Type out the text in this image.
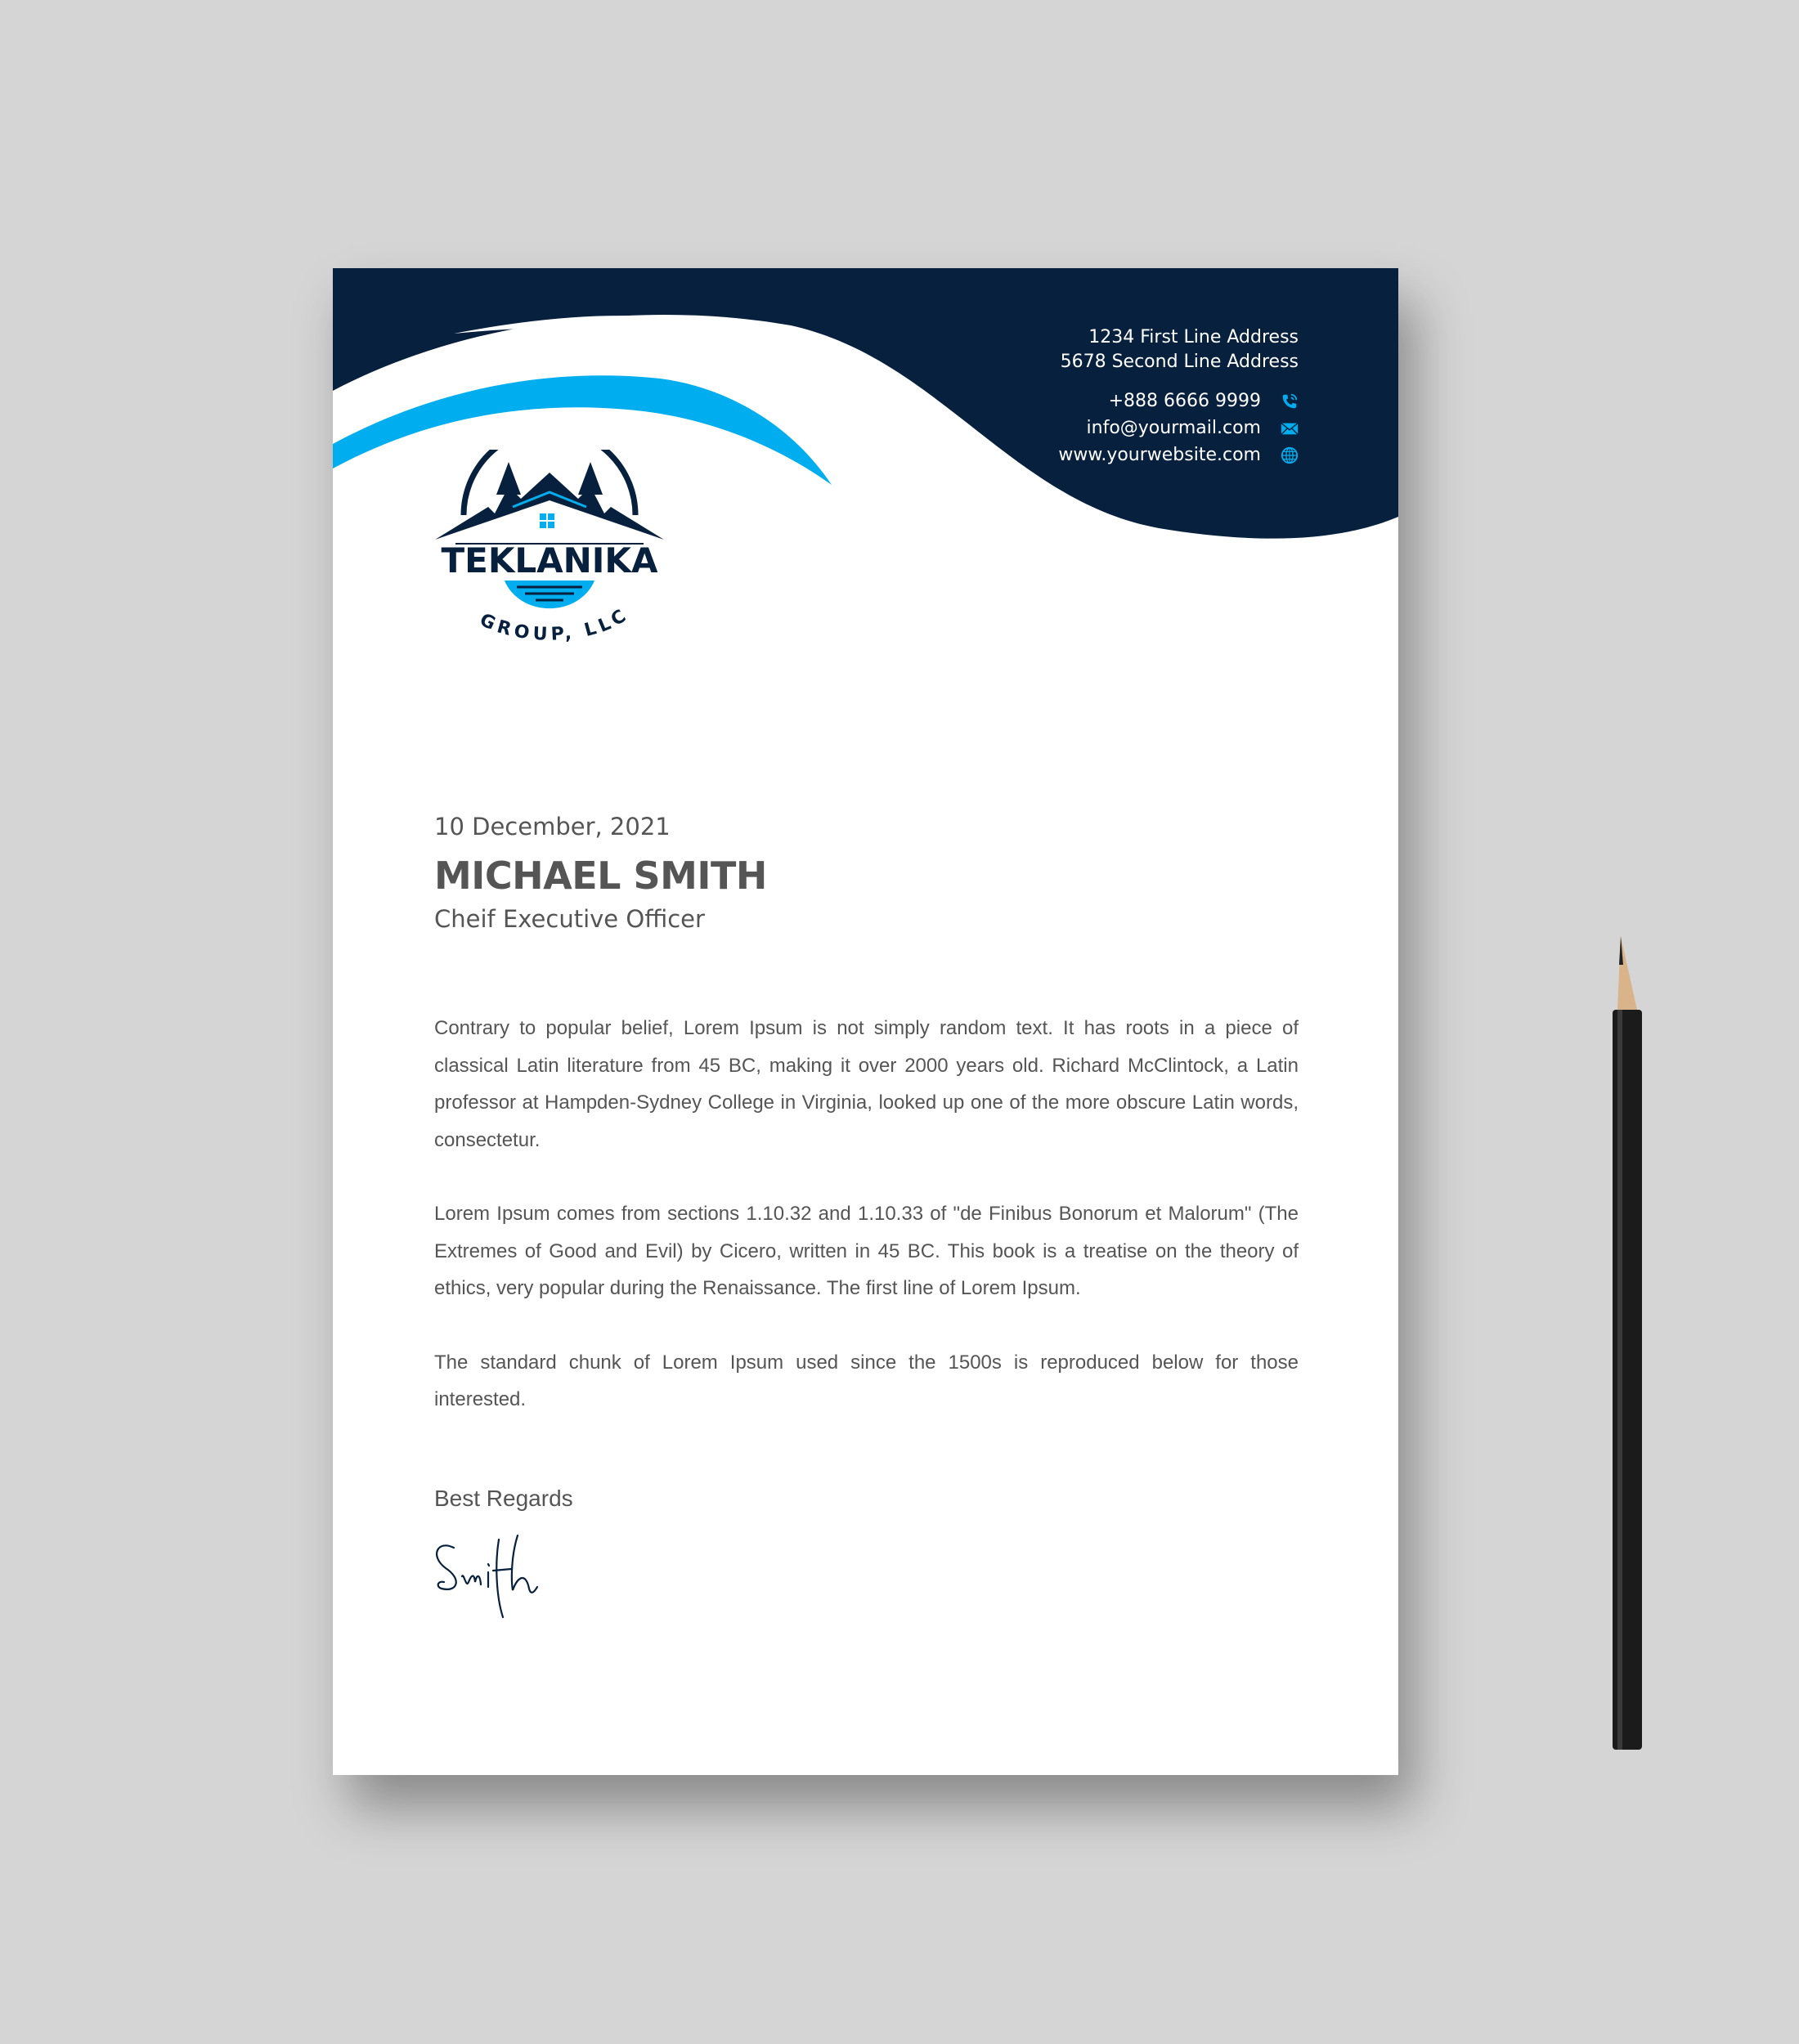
1234 First Line Address
5678 Second Line Address
+888 6666 9999
info@yourmail.com
www.yourwebsite.com
TEKLANIKA
GROUP, LLC
10 December, 2021
MICHAEL SMITH
Cheif Executive Officer

Contrary to popular belief, Lorem Ipsum is not simply random text. It has roots in a piece of classical Latin literature from 45 BC, making it over 2000 years old. Richard McClintock, a Latin professor at Hampden-Sydney College in Virginia, looked up one of the more obscure Latin words, consectetur.

Lorem Ipsum comes from sections 1.10.32 and 1.10.33 of "de Finibus Bonorum et Malorum" (The Extremes of Good and Evil) by Cicero, written in 45 BC. This book is a treatise on the theory of ethics, very popular during the Renaissance. The first line of Lorem Ipsum.

The standard chunk of Lorem Ipsum used since the 1500s is reproduced below for those interested.

Best Regards
